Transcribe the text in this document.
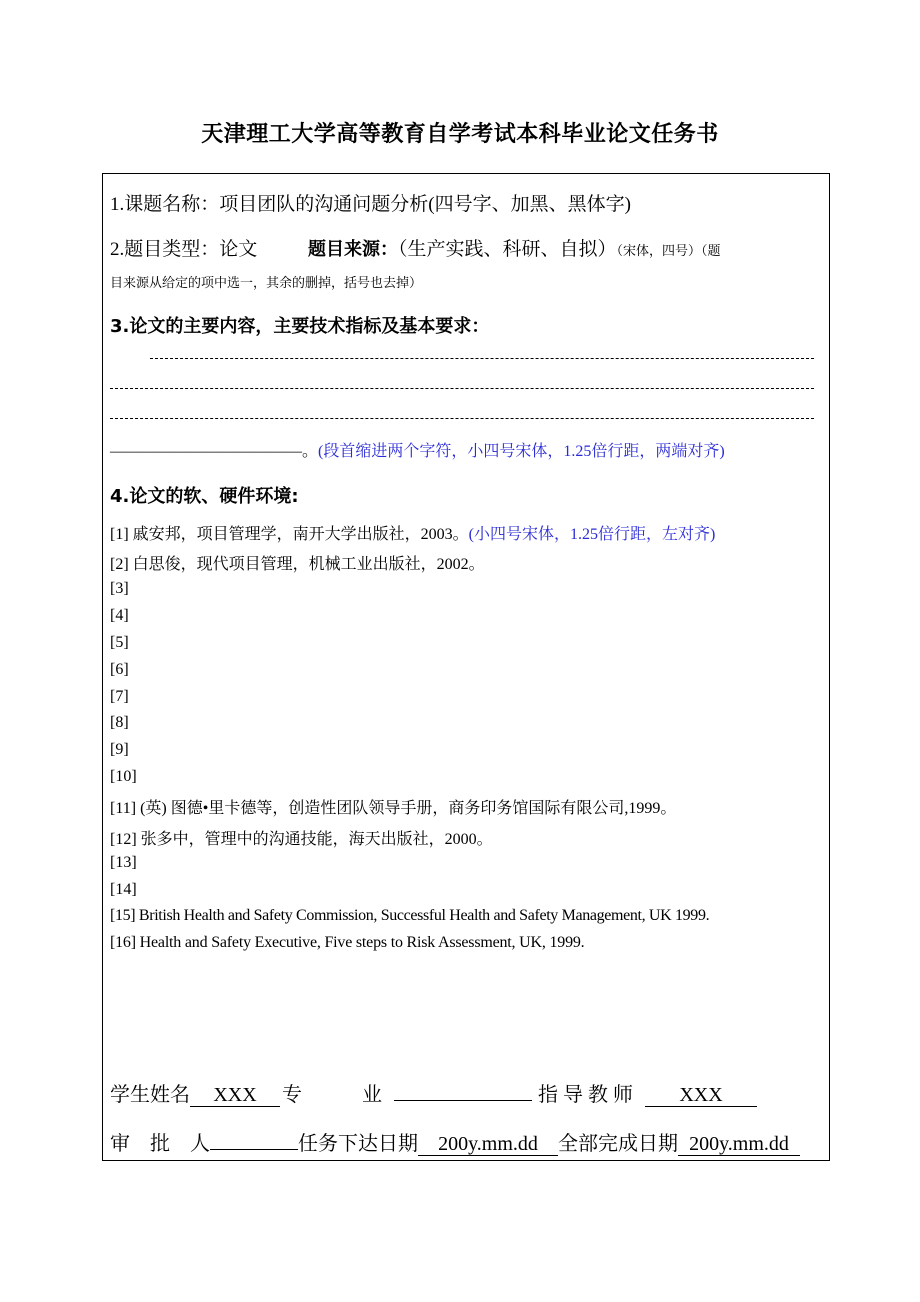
天津理工大学高等教育自学考试本科毕业论文任务书
1.课题名称：项目团队的沟通问题分析(四号字、加黑、黑体字)
2.题目类型：论文	题目来源：（生产实践、科研、自拟）（宋体，四号）（题
目来源从给定的项中选一，其余的删掉，括号也去掉）
3.论文的主要内容，主要技术指标及基本要求：
————————————。(段首缩进两个字符，小四号宋体，1.25倍行距，两端对齐)
4.论文的软、硬件环境:
[1] 戚安邦，项目管理学，南开大学出版社，2003。(小四号宋体，1.25倍行距，左对齐)
[2] 白思俊，现代项目管理，机械工业出版社，2002。
[3]
[4]
[5]
[6]
[7]
[8]
[9]
[10]
[11] (英) 图德•里卡德等，创造性团队领导手册，商务印务馆国际有限公司,1999。
[12] 张多中，管理中的沟通技能，海天出版社，2000。
[13]
[14]
[15] British Health and Safety Commission, Successful Health and Safety Management, UK 1999.
[16] Health and Safety Executive, Five steps to Risk Assessment, UK, 1999.
学生姓名 XXX 专　　　业	指 导 教 师 XXX
审　批　人	任务下达日期 200y.mm.dd 全部完成日期 200y.mm.dd
